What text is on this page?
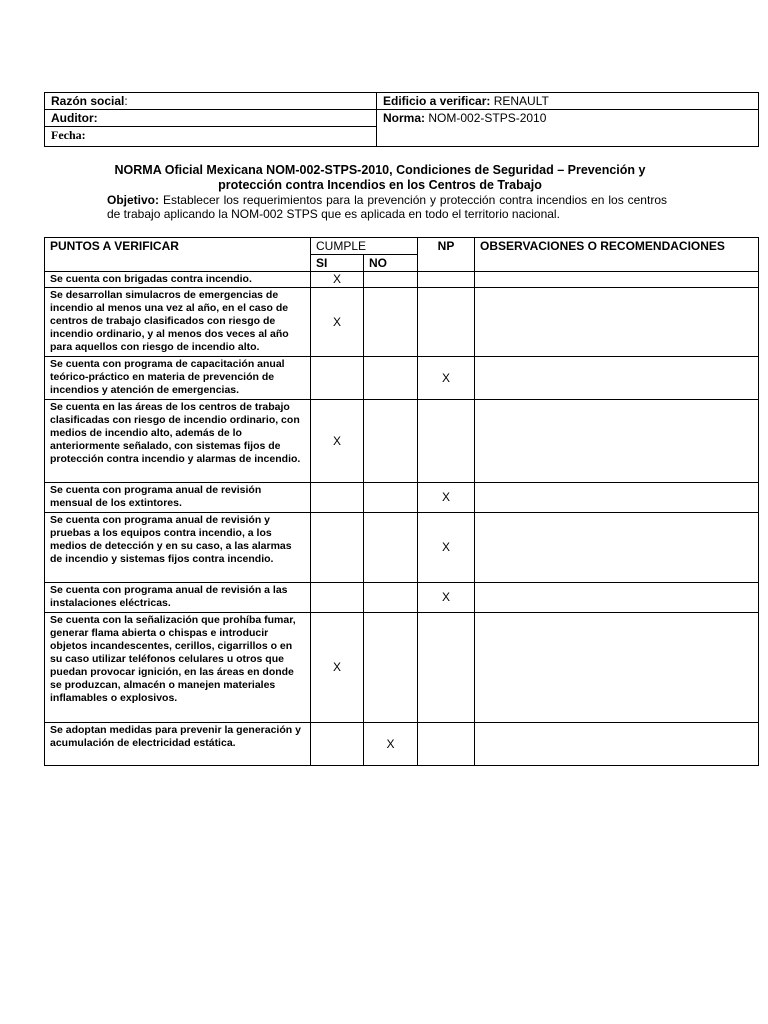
Razón social:	Edificio a verificar: RENAULT
Auditor:	Norma: NOM-002-STPS-2010
Fecha:	
NORMA Oficial Mexicana NOM-002-STPS-2010, Condiciones de Seguridad – Prevención y
protección contra Incendios en los Centros de Trabajo
Objetivo: Establecer los requerimientos para la prevención y protección contra incendios en los centros de trabajo aplicando la NOM-002 STPS que es aplicada en todo el territorio nacional.
PUNTOS A VERIFICAR	CUMPLE		NP	OBSERVACIONES O RECOMENDACIONES
	SI	NO		
Se cuenta con brigadas contra incendio.	X			
Se desarrollan simulacros de emergencias de incendio al menos una vez al año, en el caso de centros de trabajo clasificados con riesgo de incendio ordinario, y al menos dos veces al año para aquellos con riesgo de incendio alto.	X			
Se cuenta con programa de capacitación anual teórico-práctico en materia de prevención de incendios y atención de emergencias.			X	
Se cuenta en las áreas de los centros de trabajo clasificadas con riesgo de incendio ordinario, con medios de incendio alto, además de lo anteriormente señalado, con sistemas fijos de protección contra incendio y alarmas de incendio.	X			
Se cuenta con programa anual de revisión mensual de los extintores.			X	
Se cuenta con programa anual de revisión y pruebas a los equipos contra incendio, a los medios de detección y en su caso, a las alarmas de incendio y sistemas fijos contra incendio.			X	
Se cuenta con programa anual de revisión a las instalaciones eléctricas.			X	
Se cuenta con la señalización que prohíba fumar, generar flama abierta o chispas e introducir objetos incandescentes, cerillos, cigarrillos o en su caso utilizar teléfonos celulares u otros que puedan provocar ignición, en las áreas en donde se produzcan, almacén o manejen materiales inflamables o explosivos.	X			
Se adoptan medidas para prevenir la generación y acumulación de electricidad estática.		X		
